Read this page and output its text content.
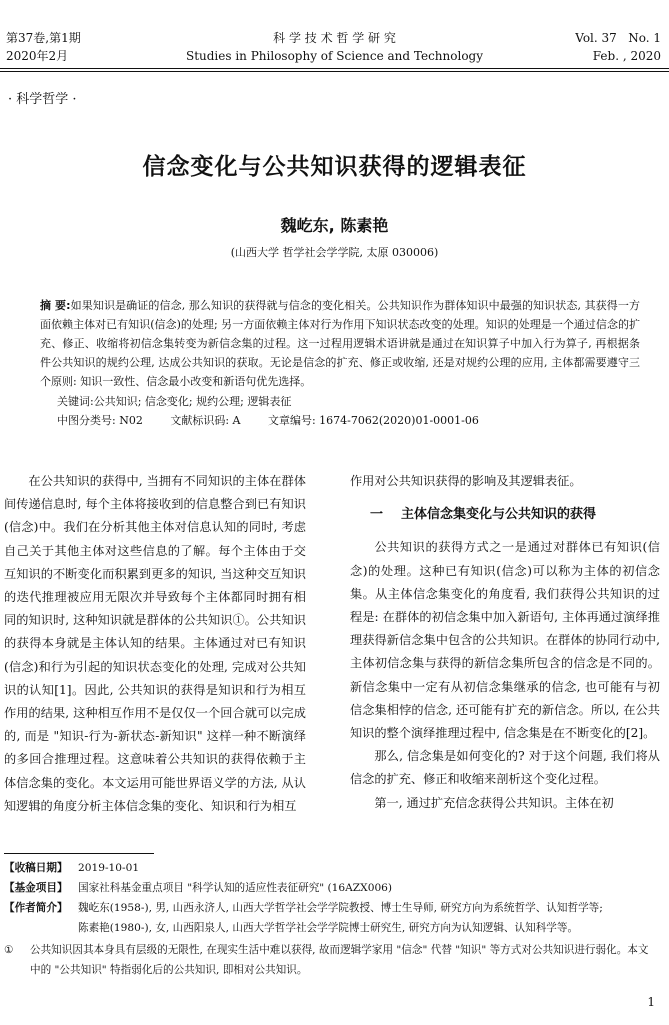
第37卷,第1期
2020年2月
科 学 技 术 哲 学 研 究
Studies in Philosophy of Science and Technology
Vol. 37   No. 1
Feb. , 2020
· 科学哲学 ·
信念变化与公共知识获得的逻辑表征
魏屹东, 陈素艳
(山西大学 哲学社会学学院, 太原 030006)
摘 要:如果知识是确证的信念, 那么知识的获得就与信念的变化相关。公共知识作为群体知识中最强的知识状态, 其获得一方面依赖主体对已有知识(信念)的处理; 另一方面依赖主体对行为作用下知识状态改变的处理。知识的处理是一个通过信念的扩充、修正、收缩将初信念集转变为新信念集的过程。这一过程用逻辑术语讲就是通过在知识算子中加入行为算子, 再根据条件公共知识的规约公理, 达成公共知识的获取。无论是信念的扩充、修正或收缩, 还是对规约公理的应用, 主体都需要遵守三个原则: 知识一致性、信念最小改变和新语句优先选择。
关键词:公共知识; 信念变化; 规约公理; 逻辑表征
中图分类号: N02	文献标识码: A	文章编号: 1674-7062(2020)01-0001-06

在公共知识的获得中, 当拥有不同知识的主体在群体间传递信息时, 每个主体将接收到的信息整合到已有知识(信念)中。我们在分析其他主体对信息认知的同时, 考虑自己关于其他主体对这些信息的了解。每个主体由于交互知识的不断变化而积累到更多的知识, 当这种交互知识的迭代推理被应用无限次并导致每个主体都同时拥有相同的知识时, 这种知识就是群体的公共知识①。公共知识的获得本身就是主体认知的结果。主体通过对已有知识(信念)和行为引起的知识状态变化的处理, 完成对公共知识的认知[1]。因此, 公共知识的获得是知识和行为相互作用的结果, 这种相互作用不是仅仅一个回合就可以完成的, 而是 "知识-行为-新状态-新知识" 这样一种不断演绎的多回合推理过程。这意味着公共知识的获得依赖于主体信念集的变化。本文运用可能世界语义学的方法, 从认知逻辑的角度分析主体信念集的变化、知识和行为相互

作用对公共知识获得的影响及其逻辑表征。

一 主体信念集变化与公共知识的获得

公共知识的获得方式之一是通过对群体已有知识(信念)的处理。这种已有知识(信念)可以称为主体的初信念集。从主体信念集变化的角度看, 我们获得公共知识的过程是: 在群体的初信念集中加入新语句, 主体再通过演绎推理获得新信念集中包含的公共知识。在群体的协同行动中, 主体初信念集与获得的新信念集所包含的信念是不同的。新信念集中一定有从初信念集继承的信念, 也可能有与初信念集相悖的信念, 还可能有扩充的新信念。所以, 在公共知识的整个演绎推理过程中, 信念集是在不断变化的[2]。

那么, 信念集是如何变化的? 对于这个问题, 我们将从信念的扩充、修正和收缩来剖析这个变化过程。

第一, 通过扩充信念获得公共知识。主体在初

【收稿日期】 2019-10-01
【基金项目】 国家社科基金重点项目 "科学认知的适应性表征研究" (16AZX006)
【作者简介】 魏屹东(1958-), 男, 山西永济人, 山西大学哲学社会学学院教授、博士生导师, 研究方向为系统哲学、认知哲学等;
陈素艳(1980-), 女, 山西阳泉人, 山西大学哲学社会学学院博士研究生, 研究方向为认知逻辑、认知科学等。
①	公共知识因其本身具有层级的无限性, 在现实生活中难以获得, 故而逻辑学家用 "信念" 代替 "知识" 等方式对公共知识进行弱化。本文中的 "公共知识" 特指弱化后的公共知识, 即相对公共知识。
1
